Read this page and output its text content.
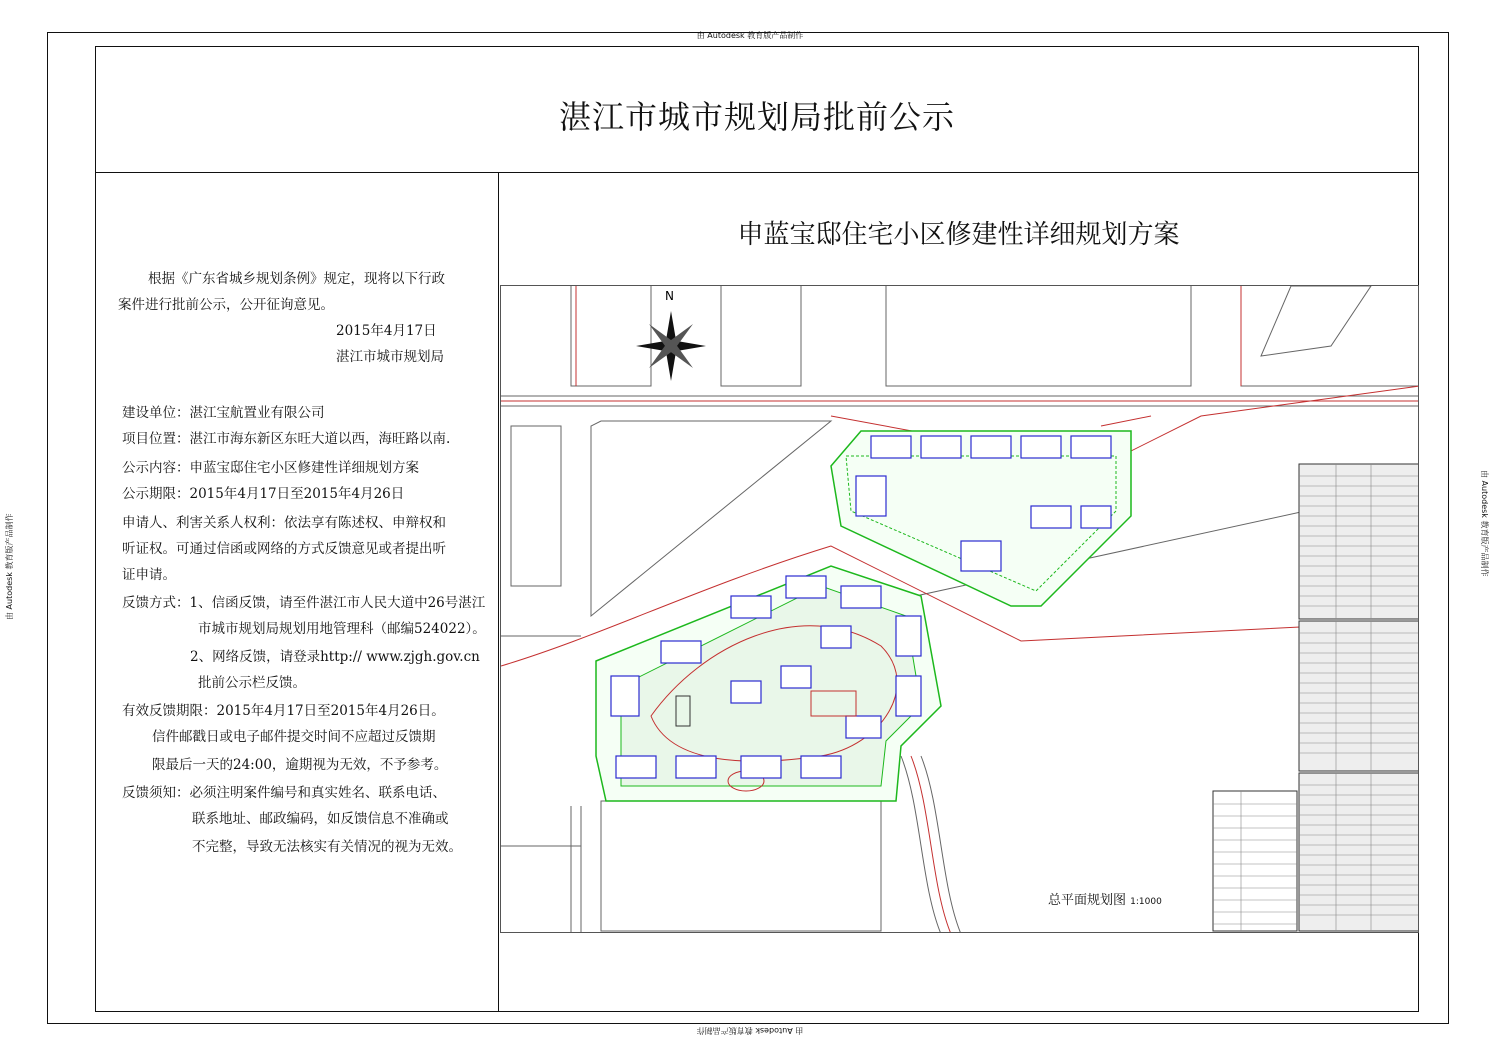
由 Autodesk 教育版产品制作
由 Autodesk 教育版产品制作
由 Autodesk 教育版产品制作	由 Autodesk 教育版产品制作
湛江市城市规划局批前公示
申蓝宝邸住宅小区修建性详细规划方案
根据《广东省城乡规划条例》规定，现将以下行政
案件进行批前公示，公开征询意见。
2015年4月17日
湛江市城市规划局
建设单位：湛江宝航置业有限公司
项目位置：湛江市海东新区东旺大道以西，海旺路以南.
公示内容：申蓝宝邸住宅小区修建性详细规划方案
公示期限：2015年4月17日至2015年4月26日
申请人、利害关系人权利：依法享有陈述权、申辩权和
听证权。可通过信函或网络的方式反馈意见或者提出听
证申请。
反馈方式：1、信函反馈，请至件湛江市人民大道中26号湛江
市城市规划局规划用地管理科（邮编524022）。
2、网络反馈，请登录http:// www.zjgh.gov.cn
批前公示栏反馈。
有效反馈期限：2015年4月17日至2015年4月26日。
信件邮戳日或电子邮件提交时间不应超过反馈期
限最后一天的24:00，逾期视为无效，不予参考。
反馈须知：必须注明案件编号和真实姓名、联系电话、
联系地址、邮政编码，如反馈信息不准确或
不完整，导致无法核实有关情况的视为无效。
N
总平面规划图 1:1000
